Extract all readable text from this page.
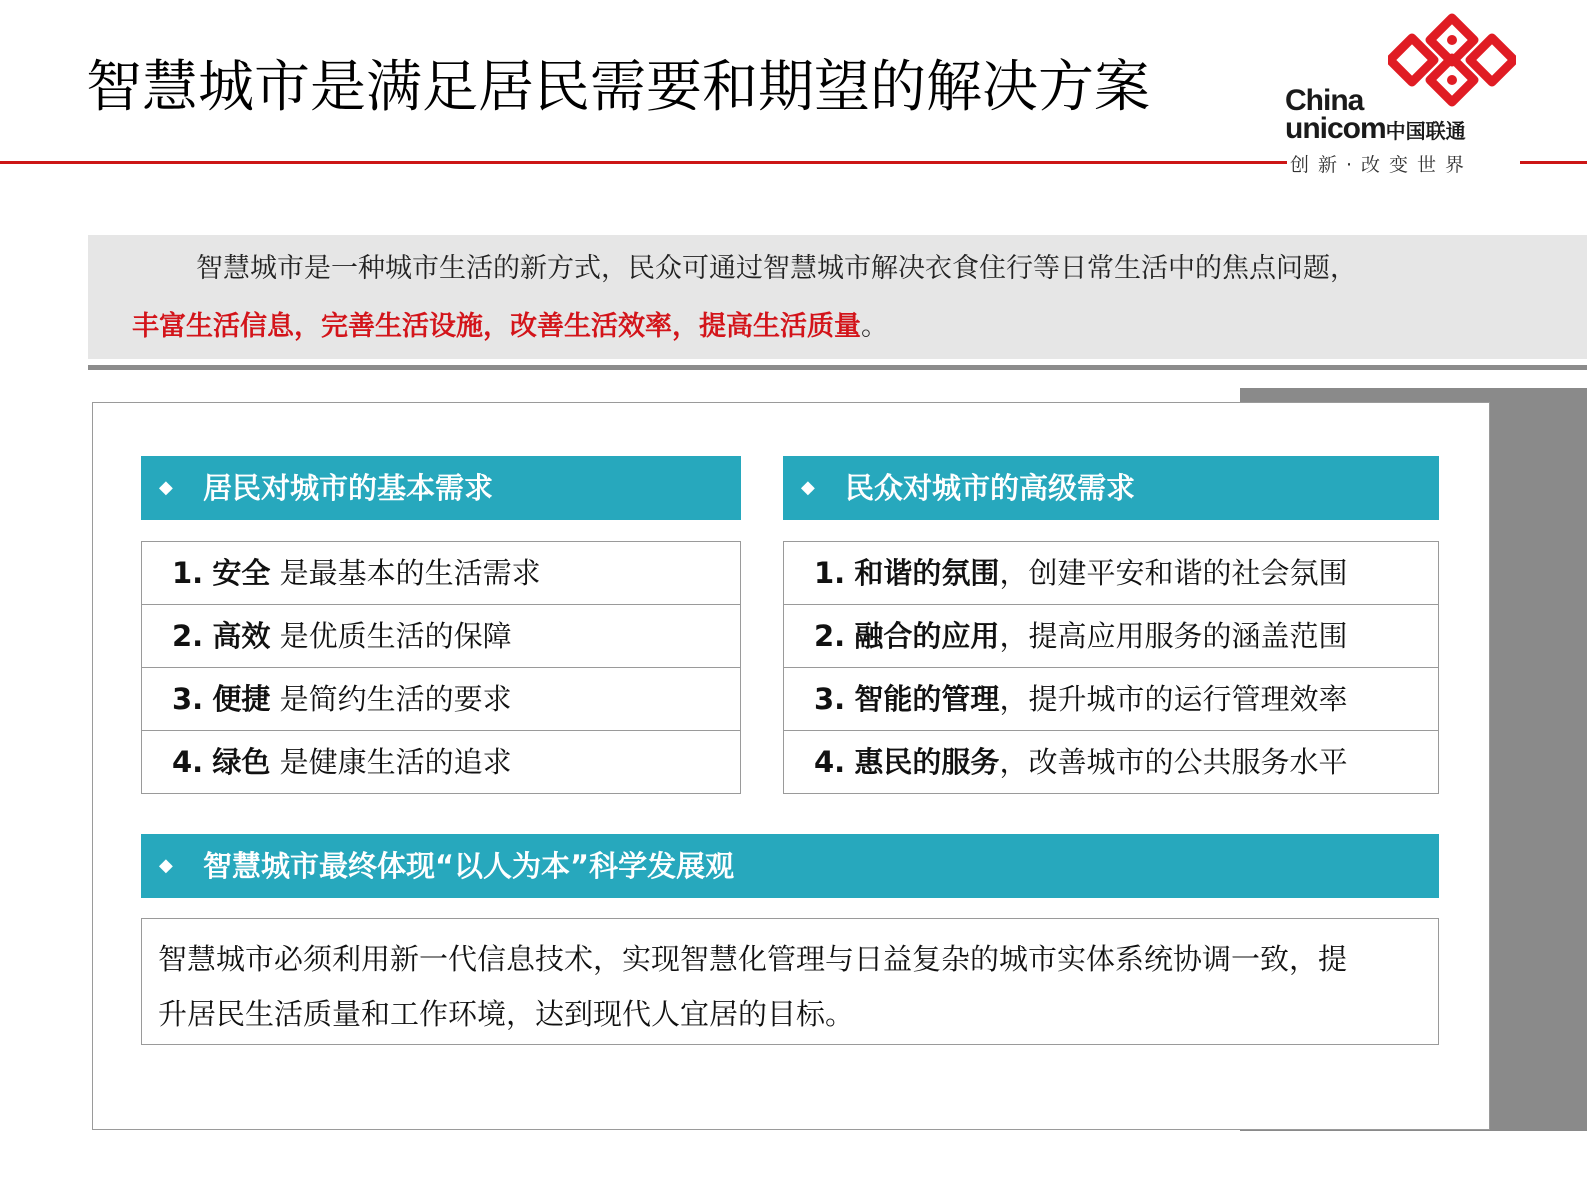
智慧城市是满足居民需要和期望的解决方案	China
unicom中国联通
创新·改变世界
智慧城市是一种城市生活的新方式，民众可通过智慧城市解决衣食住行等日常生活中的焦点问题，
丰富生活信息，完善生活设施，改善生活效率，提高生活质量。
◆ 居民对城市的基本需求
1. 安全 是最基本的生活需求
2. 高效 是优质生活的保障
3. 便捷 是简约生活的要求
4. 绿色 是健康生活的追求
◆ 民众对城市的高级需求
1. 和谐的氛围，创建平安和谐的社会氛围
2. 融合的应用，提高应用服务的涵盖范围
3. 智能的管理，提升城市的运行管理效率
4. 惠民的服务，改善城市的公共服务水平
◆ 智慧城市最终体现“以人为本”科学发展观

智慧城市必须利用新一代信息技术，实现智慧化管理与日益复杂的城市实体系统协调一致，提

升居民生活质量和工作环境，达到现代人宜居的目标。
